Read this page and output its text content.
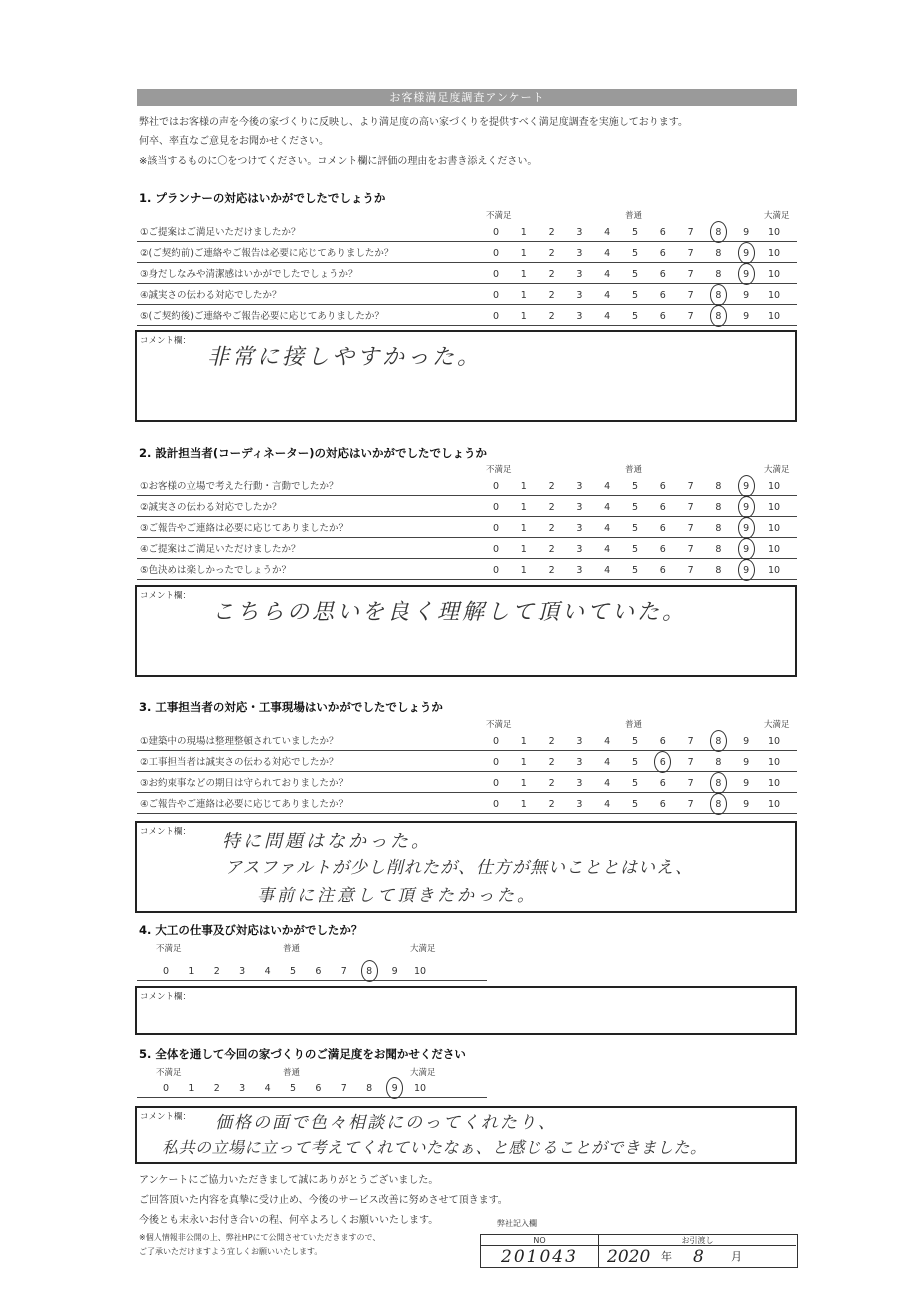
お客様満足度調査アンケート
弊社ではお客様の声を今後の家づくりに反映し、より満足度の高い家づくりを提供すべく満足度調査を実施しております。
何卒、率直なご意見をお聞かせください。
※該当するものに〇をつけてください。コメント欄に評価の理由をお書き添えください。
1. プランナーの対応はいかがでしたでしょうか
不満足	普通	大満足
①ご提案はご満足いただけましたか？	0	1	2	3	4	5	6	7	8	9	10
②(ご契約前)ご連絡やご報告は必要に応じてありましたか？	0	1	2	3	4	5	6	7	8	9	10
③身だしなみや清潔感はいかがでしたでしょうか？	0	1	2	3	4	5	6	7	8	9	10
④誠実さの伝わる対応でしたか？	0	1	2	3	4	5	6	7	8	9	10
⑤(ご契約後)ご連絡やご報告必要に応じてありましたか？	0	1	2	3	4	5	6	7	8	9	10
コメント欄：
非常に接しやすかった。
2. 設計担当者(コーディネーター)の対応はいかがでしたでしょうか
不満足	普通	大満足
①お客様の立場で考えた行動・言動でしたか？	0	1	2	3	4	5	6	7	8	9	10
②誠実さの伝わる対応でしたか？	0	1	2	3	4	5	6	7	8	9	10
③ご報告やご連絡は必要に応じてありましたか？	0	1	2	3	4	5	6	7	8	9	10
④ご提案はご満足いただけましたか？	0	1	2	3	4	5	6	7	8	9	10
⑤色決めは楽しかったでしょうか？	0	1	2	3	4	5	6	7	8	9	10
コメント欄：
こちらの思いを良く理解して頂いていた。
3. 工事担当者の対応・工事現場はいかがでしたでしょうか
不満足	普通	大満足
①建築中の現場は整理整頓されていましたか？	0	1	2	3	4	5	6	7	8	9	10
②工事担当者は誠実さの伝わる対応でしたか？	0	1	2	3	4	5	6	7	8	9	10
③お約束事などの期日は守られておりましたか？	0	1	2	3	4	5	6	7	8	9	10
④ご報告やご連絡は必要に応じてありましたか？	0	1	2	3	4	5	6	7	8	9	10
コメント欄： 特に問題はなかった。
アスファルトが少し削れたが、仕方が無いこととはいえ、
事前に注意して頂きたかった。
4. 大工の仕事及び対応はいかがでしたか？
不満足	普通	大満足
0	1	2	3	4	5	6	7	8	9	10
コメント欄：
5. 全体を通して今回の家づくりのご満足度をお聞かせください
不満足	普通	大満足
0	1	2	3	4	5	6	7	8	9	10
コメント欄： 価格の面で色々相談にのってくれたり、
私共の立場に立って考えてくれていたなぁ、と感じることができました。
アンケートにご協力いただきまして誠にありがとうございました。
ご回答頂いた内容を真摯に受け止め、今後のサービス改善に努めさせて頂きます。
今後とも末永いお付き合いの程、何卒よろしくお願いいたします。
※個人情報非公開の上、弊社HPにて公開させていただきますので、
ご了承いただけますよう宜しくお願いいたします。
弊社記入欄
NO	お引渡し
201043	2020 年 8 月
